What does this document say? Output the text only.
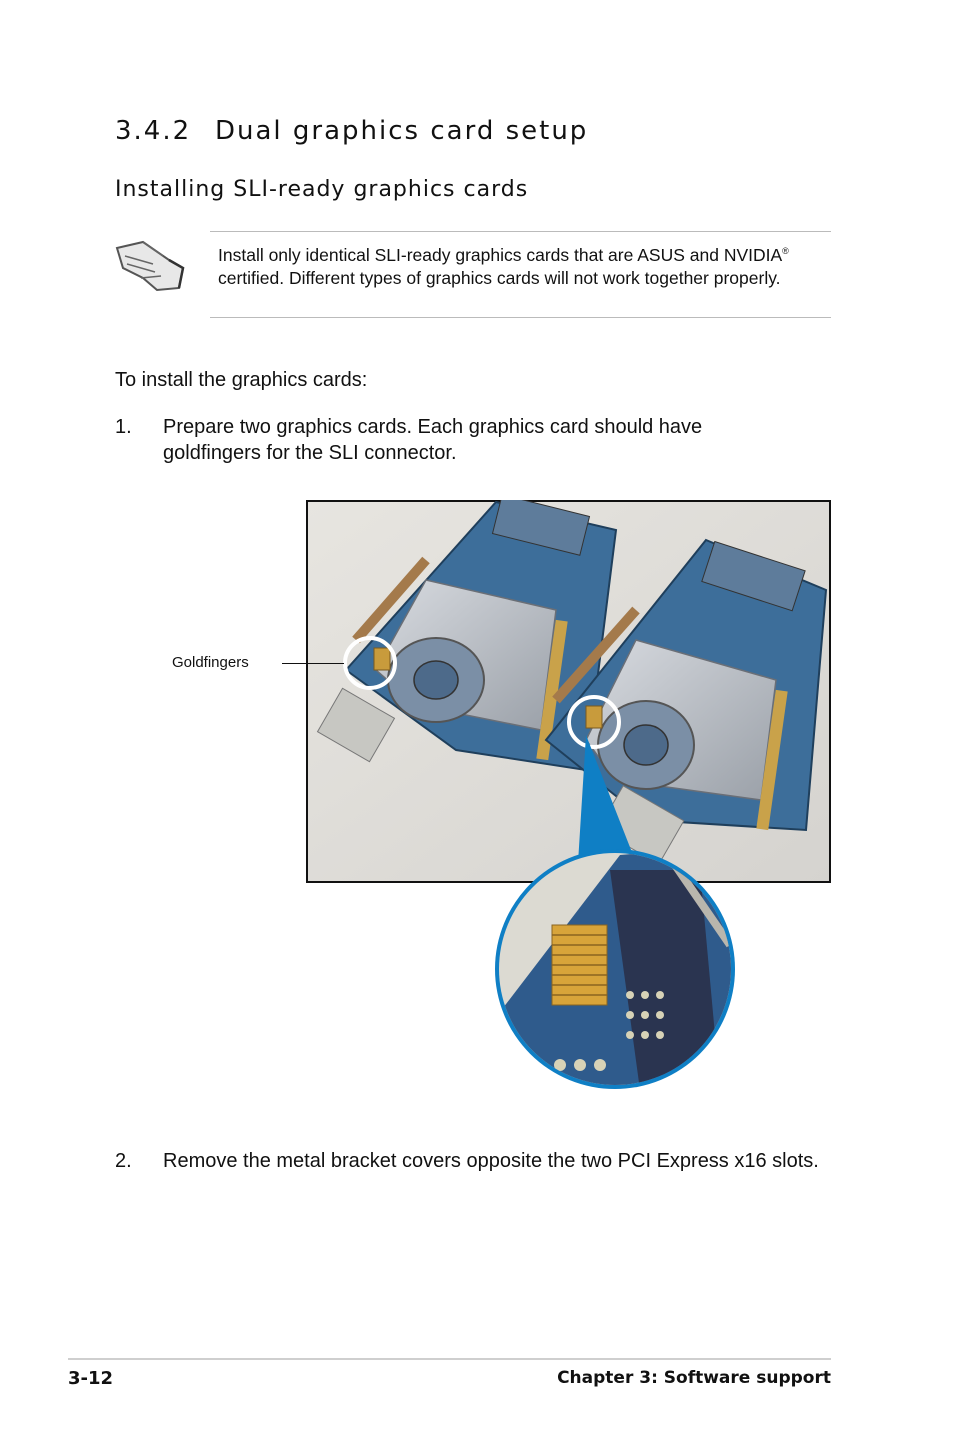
3.4.2 Dual graphics card setup
Installing SLI-ready graphics cards
Install only identical SLI-ready graphics cards that are ASUS and NVIDIA® certified. Different types of graphics cards will not work together properly.
To install the graphics cards:
1. Prepare two graphics cards. Each graphics card should have goldfingers for the SLI connector.
Goldfingers
2. Remove the metal bracket covers opposite the two PCI Express x16 slots.
3-12	Chapter 3: Software support
